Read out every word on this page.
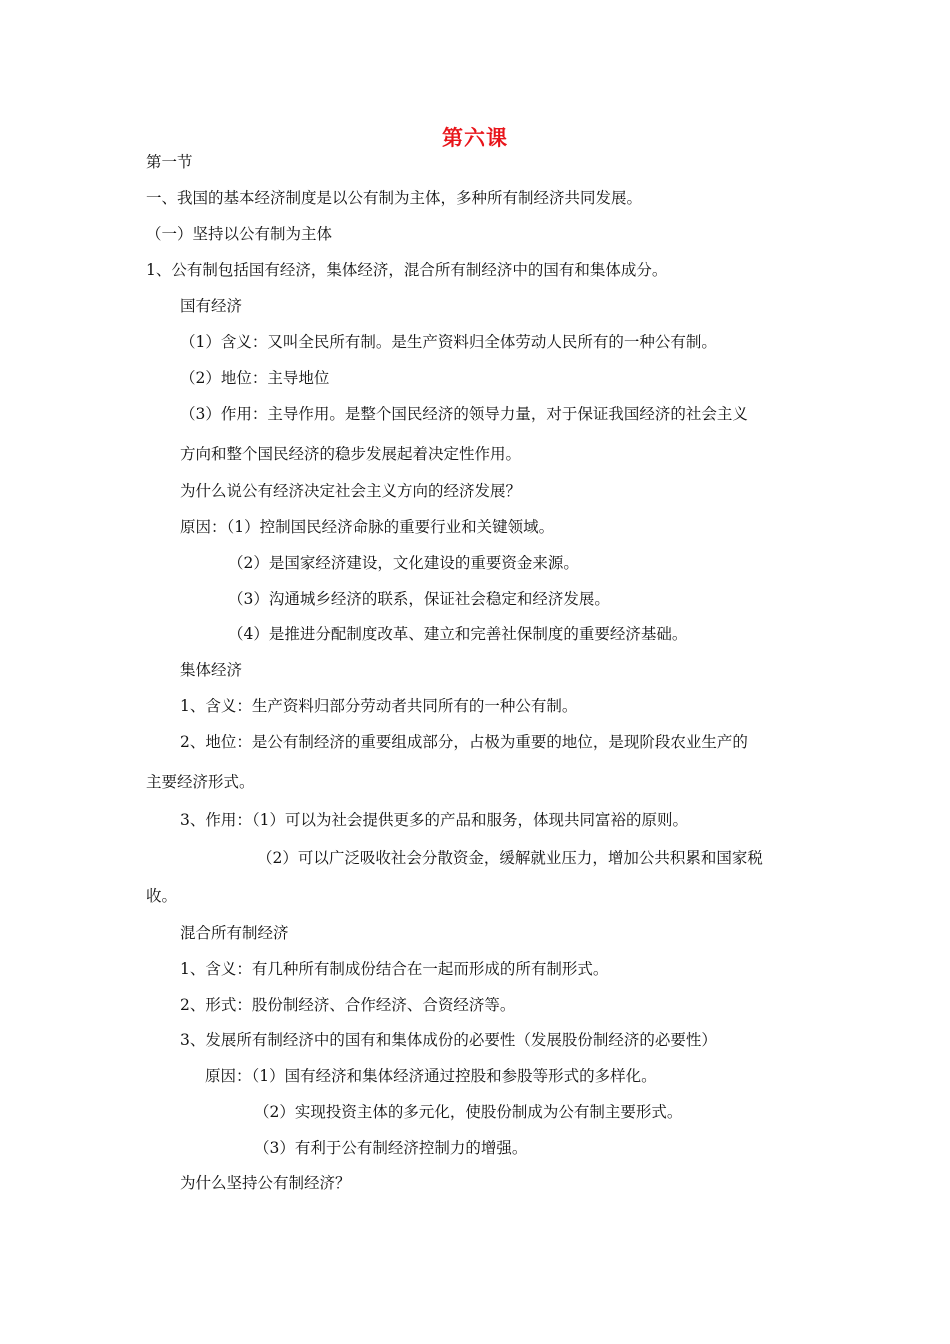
第六课
第一节
一、我国的基本经济制度是以公有制为主体，多种所有制经济共同发展。
（一）坚持以公有制为主体
1、公有制包括国有经济，集体经济，混合所有制经济中的国有和集体成分。
国有经济
（1）含义：又叫全民所有制。是生产资料归全体劳动人民所有的一种公有制。
（2）地位：主导地位
（3）作用：主导作用。是整个国民经济的领导力量，对于保证我国经济的社会主义
方向和整个国民经济的稳步发展起着决定性作用。
为什么说公有经济决定社会主义方向的经济发展？
原因：（1）控制国民经济命脉的重要行业和关键领域。
（2）是国家经济建设，文化建设的重要资金来源。
（3）沟通城乡经济的联系，保证社会稳定和经济发展。
（4）是推进分配制度改革、建立和完善社保制度的重要经济基础。
集体经济
1、含义：生产资料归部分劳动者共同所有的一种公有制。
2、地位：是公有制经济的重要组成部分，占极为重要的地位，是现阶段农业生产的
主要经济形式。
3、作用：（1）可以为社会提供更多的产品和服务，体现共同富裕的原则。
（2）可以广泛吸收社会分散资金，缓解就业压力，增加公共积累和国家税
收。
混合所有制经济
1、含义：有几种所有制成份结合在一起而形成的所有制形式。
2、形式：股份制经济、合作经济、合资经济等。
3、发展所有制经济中的国有和集体成份的必要性（发展股份制经济的必要性）
原因：（1）国有经济和集体经济通过控股和参股等形式的多样化。
（2）实现投资主体的多元化，使股份制成为公有制主要形式。
（3）有利于公有制经济控制力的增强。
为什么坚持公有制经济？
